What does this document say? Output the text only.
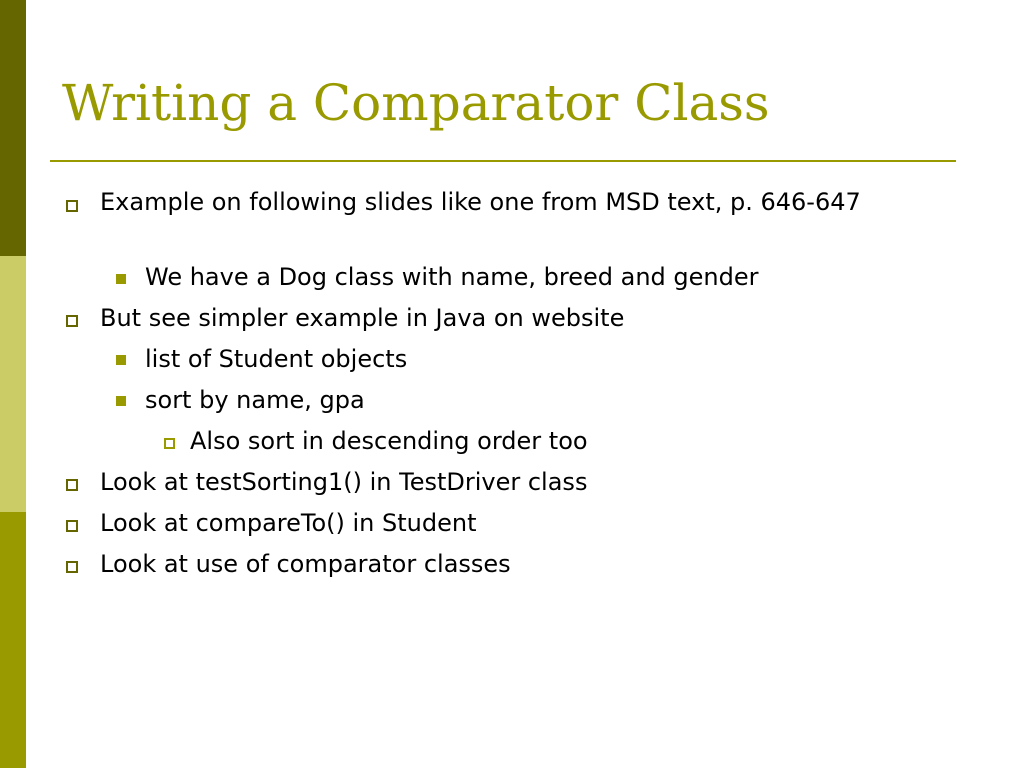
Writing a Comparator Class
Example on following slides like one from MSD text, p. 646-647
We have a Dog class with name, breed and gender
But see simpler example in Java on website
list of Student objects
sort by name, gpa
Also sort in descending order too
Look at testSorting1() in TestDriver class
Look at compareTo() in Student
Look at use of comparator classes
